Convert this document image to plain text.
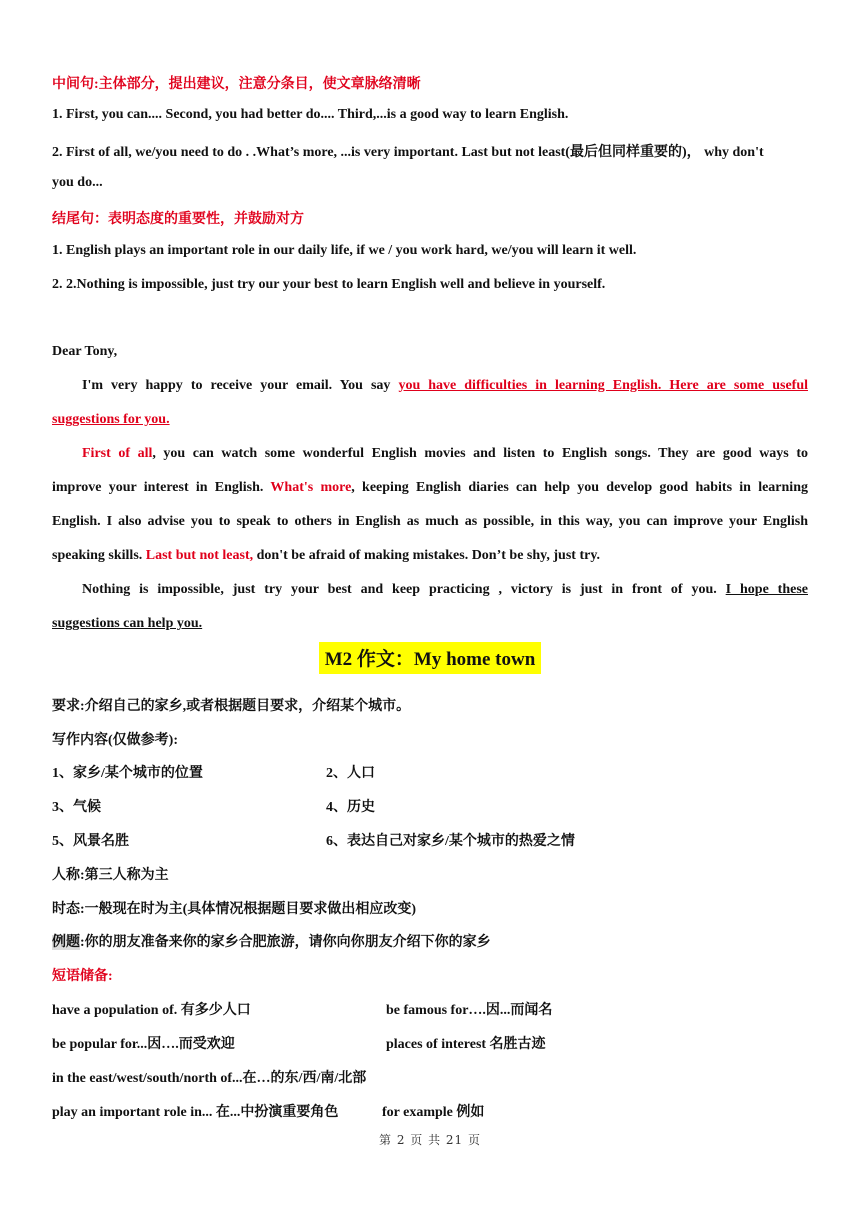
中间句:主体部分，提出建议，注意分条目，使文章脉络清晰
1. First, you can.... Second, you had better do.... Third,...is a good way to learn English.
2. First of all, we/you need to do . .What’s more, ...is very important. Last but not least(最后但同样重要的)， why don't
you do...
结尾句：表明态度的重要性，并鼓励对方
1. English plays an important role in our daily life, if we / you work hard, we/you will learn it well.
2. 2.Nothing is impossible, just try our your best to learn English well and believe in yourself.
Dear Tony,
I'm very happy to receive your email. You say you have difficulties in learning English. Here are some useful
suggestions for you.
First of all, you can watch some wonderful English movies and listen to English songs. They are good ways to
improve your interest in English. What's more, keeping English diaries can help you develop good habits in learning
English. I also advise you to speak to others in English as much as possible, in this way, you can improve your English
speaking skills. Last but not least, don't be afraid of making mistakes. Don’t be shy, just try.
Nothing is impossible, just try your best and keep practicing , victory is just in front of you. I hope these
suggestions can help you.
M2 作文：My home town
要求:介绍自己的家乡,或者根据题目要求，介绍某个城市。
写作内容(仅做参考):
1、家乡/某个城市的位置	2、人口
3、气候	4、历史
5、风景名胜	6、表达自己对家乡/某个城市的热爱之情
人称:第三人称为主
时态:一般现在时为主(具体情况根据题目要求做出相应改变)
例题:你的朋友准备来你的家乡合肥旅游，请你向你朋友介绍下你的家乡
短语储备:
have a population of. 有多少人口	be famous for….因...而闻名
be popular for...因….而受欢迎	places of interest 名胜古迹
in the east/west/south/north of...在…的东/西/南/北部
play an important role in... 在...中扮演重要角色	for example 例如
第 2 页 共 21 页
